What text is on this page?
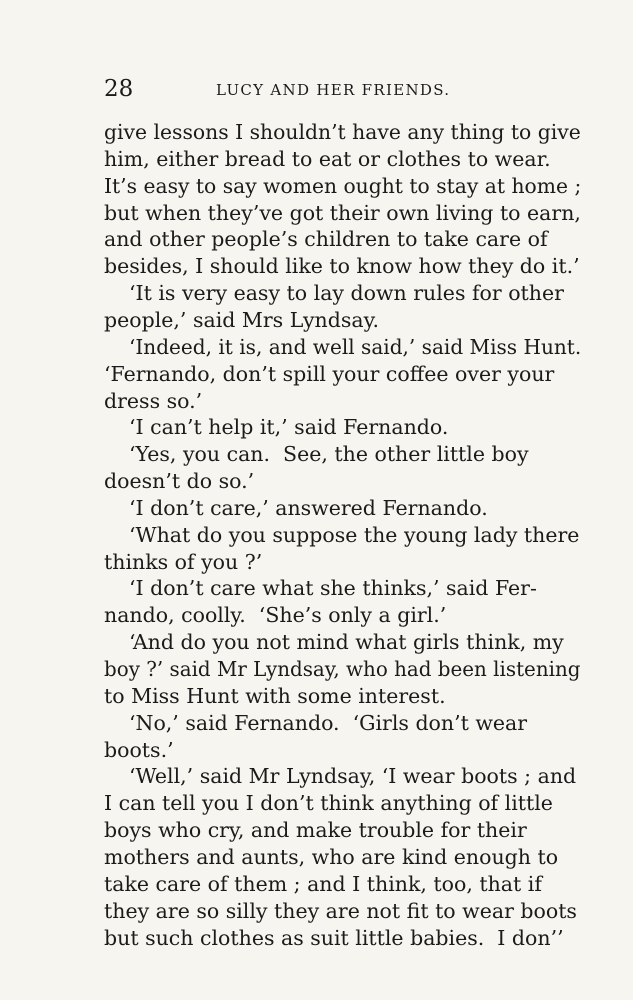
28	LUCY AND HER FRIENDS.
give lessons I shouldn’t have any thing to give
him, either bread to eat or clothes to wear.
It’s easy to say women ought to stay at home ;
but when they’ve got their own living to earn,
and other people’s children to take care of
besides, I should like to know how they do it.’
‘It is very easy to lay down rules for other
people,’ said Mrs Lyndsay.
‘Indeed, it is, and well said,’ said Miss Hunt.
‘Fernando, don’t spill your coffee over your
dress so.’
‘I can’t help it,’ said Fernando.
‘Yes, you can.  See, the other little boy
doesn’t do so.’
‘I don’t care,’ answered Fernando.
‘What do you suppose the young lady there
thinks of you ?’
‘I don’t care what she thinks,’ said Fer-
nando, coolly.  ‘She’s only a girl.’
‘And do you not mind what girls think, my
boy ?’ said Mr Lyndsay, who had been listening
to Miss Hunt with some interest.
‘No,’ said Fernando.  ‘Girls don’t wear
boots.’
‘Well,’ said Mr Lyndsay, ‘I wear boots ; and
I can tell you I don’t think anything of little
boys who cry, and make trouble for their
mothers and aunts, who are kind enough to
take care of them ; and I think, too, that if
they are so silly they are not fit to wear boots
but such clothes as suit little babies.  I don’’
